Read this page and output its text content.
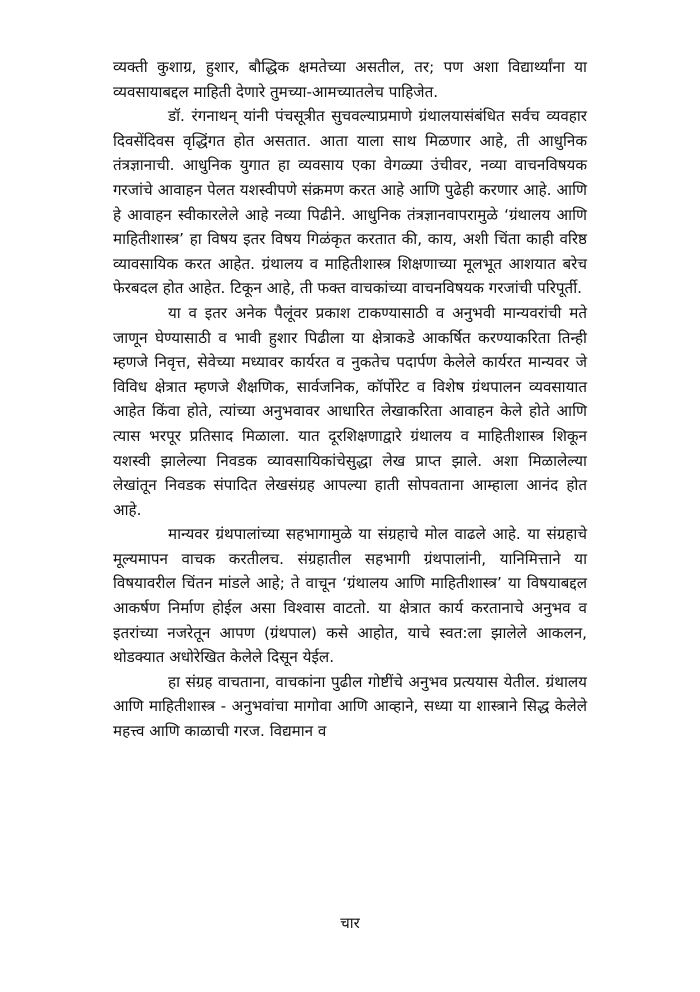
व्यक्ती कुशाग्र, हुशार, बौद्धिक क्षमतेच्या असतील, तर; पण अशा विद्यार्थ्यांना या व्यवसायाबद्दल माहिती देणारे तुमच्या-आमच्यातलेच पाहिजेत.

डॉ. रंगनाथन् यांनी पंचसूत्रीत सुचवल्याप्रमाणे ग्रंथालयासंबंधित सर्वच व्यवहार दिवसेंदिवस वृद्धिंगत होत असतात. आता याला साथ मिळणार आहे, ती आधुनिक तंत्रज्ञानाची. आधुनिक युगात हा व्यवसाय एका वेगळ्या उंचीवर, नव्या वाचनविषयक गरजांचे आवाहन पेलत यशस्वीपणे संक्रमण करत आहे आणि पुढेही करणार आहे. आणि हे आवाहन स्वीकारलेले आहे नव्या पिढीने. आधुनिक तंत्रज्ञानवापरामुळे ‘ग्रंथालय आणि माहितीशास्त्र’ हा विषय इतर विषय गिळंकृत करतात की, काय, अशी चिंता काही वरिष्ठ व्यावसायिक करत आहेत. ग्रंथालय व माहितीशास्त्र शिक्षणाच्या मूलभूत आशयात बरेच फेरबदल होत आहेत. टिकून आहे, ती फक्त वाचकांच्या वाचनविषयक गरजांची परिपूर्ती.

या व इतर अनेक पैलूंवर प्रकाश टाकण्यासाठी व अनुभवी मान्यवरांची मते जाणून घेण्यासाठी व भावी हुशार पिढीला या क्षेत्राकडे आकर्षित करण्याकरिता तिन्ही म्हणजे निवृत्त, सेवेच्या मध्यावर कार्यरत व नुकतेच पदार्पण केलेले कार्यरत मान्यवर जे विविध क्षेत्रात म्हणजे शैक्षणिक, सार्वजनिक, कॉर्पोरेट व विशेष ग्रंथपालन व्यवसायात आहेत किंवा होते, त्यांच्या अनुभवावर आधारित लेखाकरिता आवाहन केले होते आणि त्यास भरपूर प्रतिसाद मिळाला. यात दूरशिक्षणाद्वारे ग्रंथालय व माहितीशास्त्र शिकून यशस्वी झालेल्या निवडक व्यावसायिकांचेसुद्धा लेख प्राप्त झाले. अशा मिळालेल्या लेखांतून निवडक संपादित लेखसंग्रह आपल्या हाती सोपवताना आम्हाला आनंद होत आहे.

मान्यवर ग्रंथपालांच्या सहभागामुळे या संग्रहाचे मोल वाढले आहे. या संग्रहाचे मूल्यमापन वाचक करतीलच. संग्रहातील सहभागी ग्रंथपालांनी, यानिमित्ताने या विषयावरील चिंतन मांडले आहे; ते वाचून ‘ग्रंथालय आणि माहितीशास्त्र’ या विषयाबद्दल आकर्षण निर्माण होईल असा विश्वास वाटतो. या क्षेत्रात कार्य करतानाचे अनुभव व इतरांच्या नजरेतून आपण (ग्रंथपाल) कसे आहोत, याचे स्वत:ला झालेले आकलन, थोडक्यात अधोरेखित केलेले दिसून येईल.

हा संग्रह वाचताना, वाचकांना पुढील गोष्टींचे अनुभव प्रत्ययास येतील. ग्रंथालय आणि माहितीशास्त्र - अनुभवांचा मागोवा आणि आव्हाने, सध्या या शास्त्राने सिद्ध केलेले महत्त्व आणि काळाची गरज. विद्यमान व

चार
